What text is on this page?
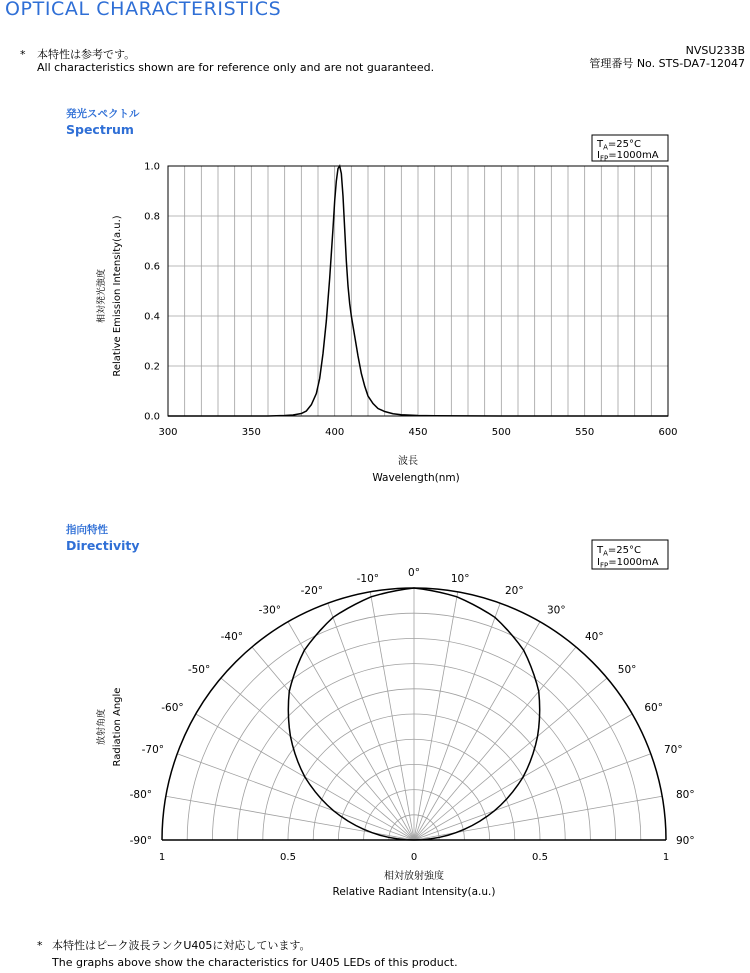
OPTICAL CHARACTERISTICS
* 本特性は参考です。
All characteristics shown are for reference only and are not guaranteed.
NVSU233B
管理番号 No. STS-DA7-12047
発光スペクトル
Spectrum
指向特性
Directivity
0.0
0.2
0.4
0.6
0.8
1.0
300	350	400	450	500	550	600
波長
Wavelength(nm)
相対発光強度 Relative Emission Intensity(a.u.)
$T_A=25^\circ C$
$I_{FP}=1000mA$
-90°
-80°
-70°
-60°
-50°
-40°
-30°
-20°
-10°
0°
10°
20°
30°
40°
50°
60°
70°
80°
90°
1	0.5	0	0.5	1
相対放射強度
Relative Radiant Intensity(a.u.)
放射角度 Radiation Angle
$T_A=25^\circ C$
$I_{FP}=1000mA$
* 本特性はピーク波長ランクU405に対応しています。
The graphs above show the characteristics for U405 LEDs of this product.
